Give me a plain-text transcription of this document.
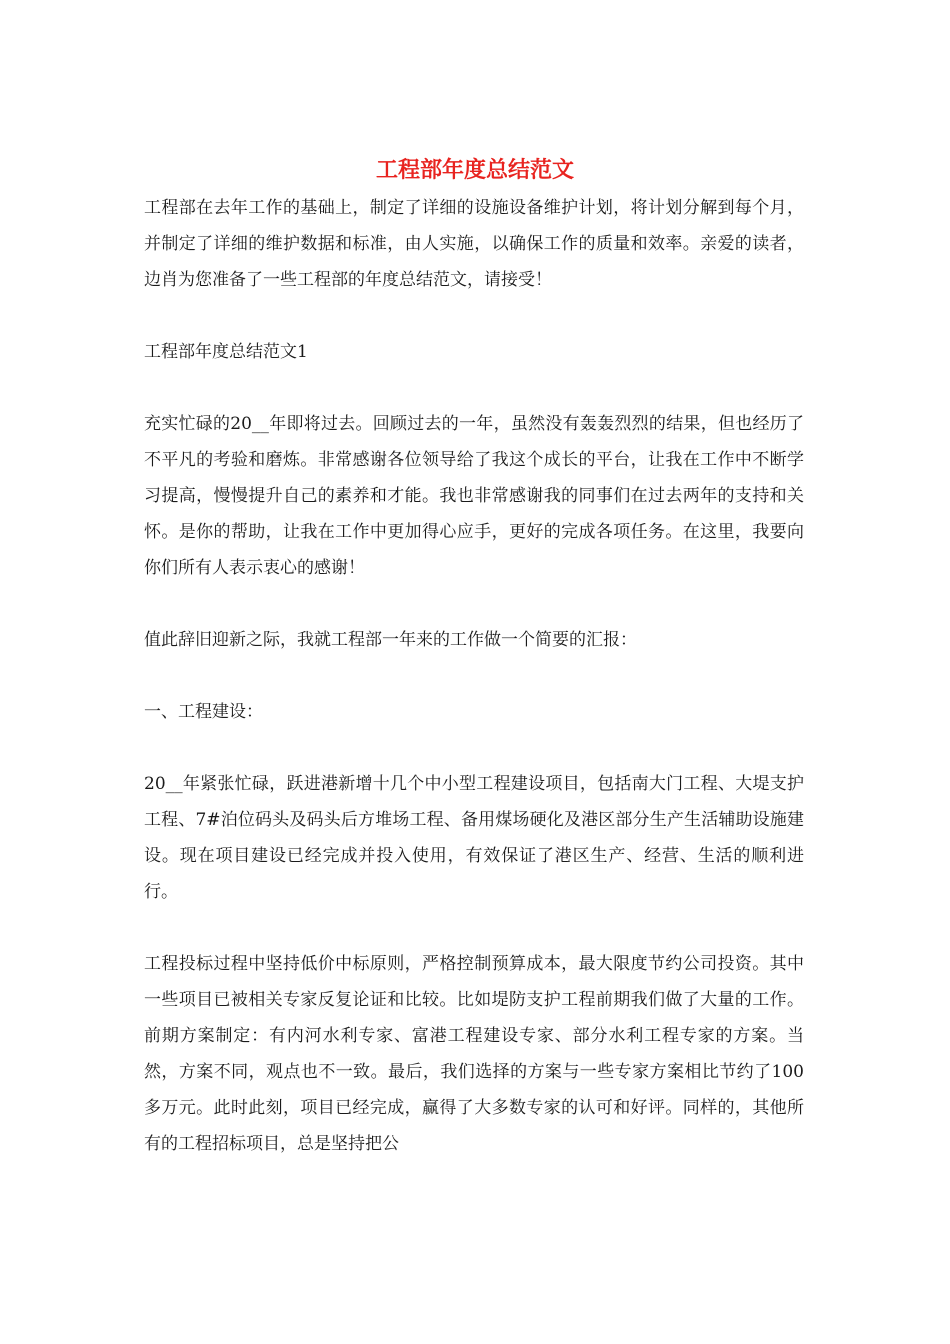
工程部年度总结范文

工程部在去年工作的基础上，制定了详细的设施设备维护计划，将计划分解到每个月，并制定了详细的维护数据和标准，由人实施，以确保工作的质量和效率。亲爱的读者，边肖为您准备了一些工程部的年度总结范文，请接受！

工程部年度总结范文1

充实忙碌的20__年即将过去。回顾过去的一年，虽然没有轰轰烈烈的结果，但也经历了不平凡的考验和磨炼。非常感谢各位领导给了我这个成长的平台，让我在工作中不断学习提高，慢慢提升自己的素养和才能。我也非常感谢我的同事们在过去两年的支持和关怀。是你的帮助，让我在工作中更加得心应手，更好的完成各项任务。在这里，我要向你们所有人表示衷心的感谢！

值此辞旧迎新之际，我就工程部一年来的工作做一个简要的汇报：

一、工程建设：

20__年紧张忙碌，跃进港新增十几个中小型工程建设项目，包括南大门工程、大堤支护工程、7#泊位码头及码头后方堆场工程、备用煤场硬化及港区部分生产生活辅助设施建设。现在项目建设已经完成并投入使用，有效保证了港区生产、经营、生活的顺利进行。

工程投标过程中坚持低价中标原则，严格控制预算成本，最大限度节约公司投资。其中一些项目已被相关专家反复论证和比较。比如堤防支护工程前期我们做了大量的工作。前期方案制定：有内河水利专家、富港工程建设专家、部分水利工程专家的方案。当然，方案不同，观点也不一致。最后，我们选择的方案与一些专家方案相比节约了100多万元。此时此刻，项目已经完成，赢得了大多数专家的认可和好评。同样的，其他所有的工程招标项目，总是坚持把公
